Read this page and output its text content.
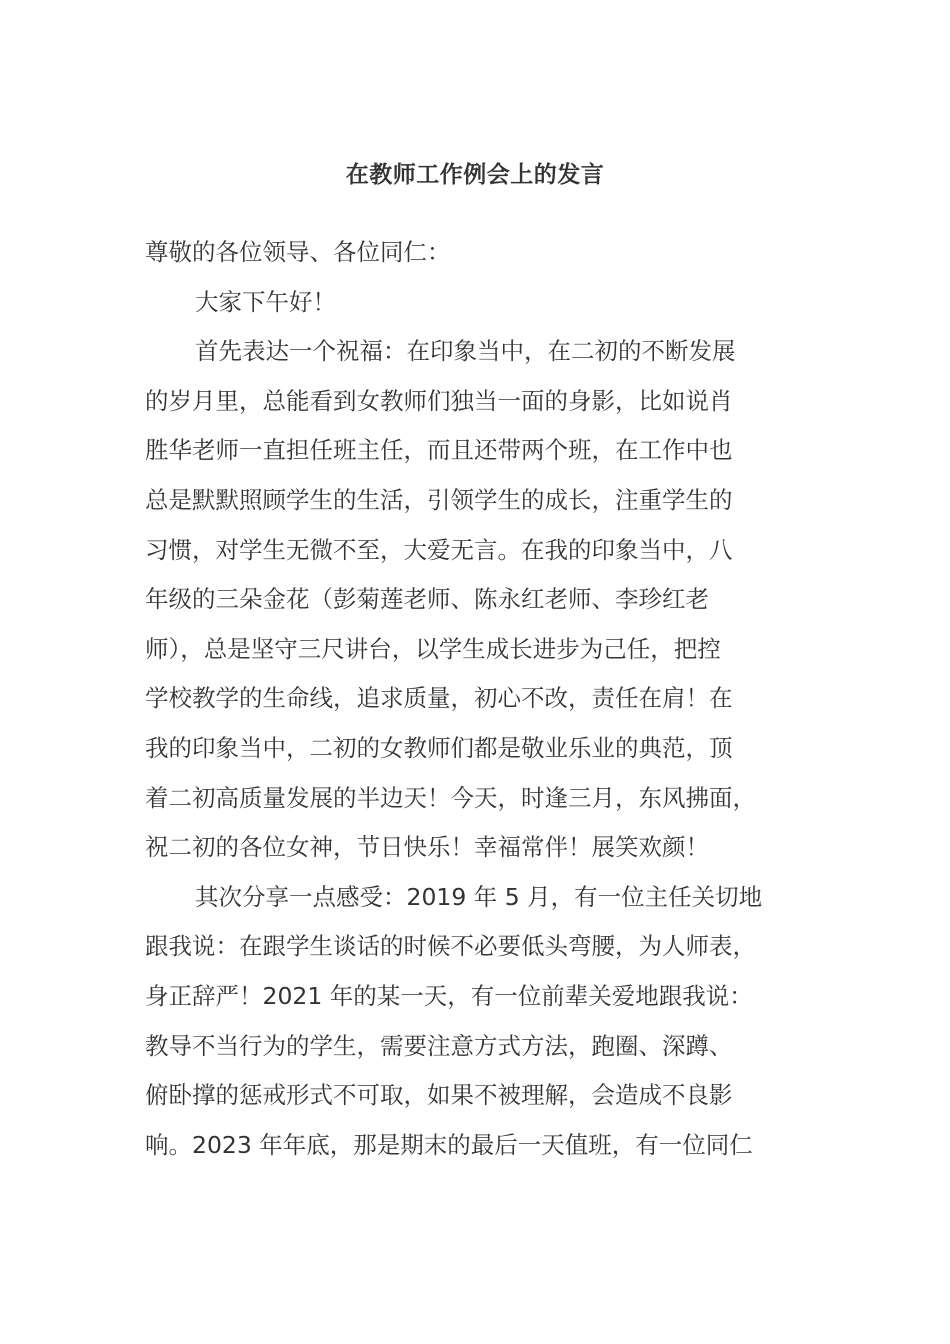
在教师工作例会上的发言
尊敬的各位领导、各位同仁：
大家下午好！
首先表达一个祝福：在印象当中，在二初的不断发展
的岁月里，总能看到女教师们独当一面的身影，比如说肖
胜华老师一直担任班主任，而且还带两个班，在工作中也
总是默默照顾学生的生活，引领学生的成长，注重学生的
习惯，对学生无微不至，大爱无言。在我的印象当中，八
年级的三朵金花（彭菊莲老师、陈永红老师、李珍红老
师），总是坚守三尺讲台，以学生成长进步为己任，把控
学校教学的生命线，追求质量，初心不改，责任在肩！在
我的印象当中，二初的女教师们都是敬业乐业的典范，顶
着二初高质量发展的半边天！今天，时逢三月，东风拂面，
祝二初的各位女神，节日快乐！幸福常伴！展笑欢颜！
其次分享一点感受：2019 年 5 月，有一位主任关切地
跟我说：在跟学生谈话的时候不必要低头弯腰，为人师表，
身正辞严！2021 年的某一天，有一位前辈关爱地跟我说：
教导不当行为的学生，需要注意方式方法，跑圈、深蹲、
俯卧撑的惩戒形式不可取，如果不被理解，会造成不良影
响。2023 年年底，那是期末的最后一天值班，有一位同仁
